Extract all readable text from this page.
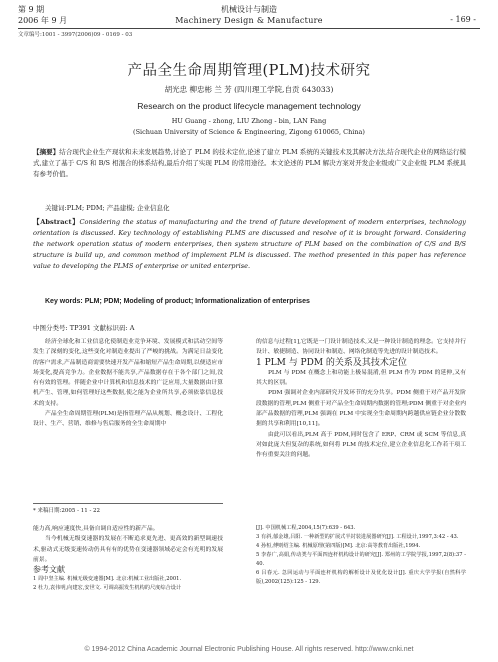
第 9 期
2006 年 9 月
机械设计与制造
Machinery Design & Manufacture	- 169 -
文章编号:1001 - 3997(2006)09 - 0169 - 03
产品全生命周期管理(PLM)技术研究
胡光忠 柳忠彬 兰 芳 (四川理工学院,自贡 643033)
Research on the product lifecycle management technology
HU Guang - zhong, LIU Zhong - bin, LAN Fang
(Sichuan University of Science & Engineering, Zigong 610065, China)
【摘要】结合现代企业生产现状和未来发展趋势,讨论了 PLM 的技术定位,论述了建立 PLM 系统的关键技术及其解决方法,结合现代企业的网络运行模式,建立了基于 C/S 和 B/S 相混合的体系结构,最后介绍了实现 PLM 的常用途径。本文论述的 PLM 解决方案对开发企业级或广义企业级 PLM 系统具有参考价值。
关键词:PLM; PDM; 产品建模; 企业信息化
【Abstract】Considering the status of manufacturing and the trend of future development of modern enterprises, technology orientation is discussed. Key technology of establishing PLMS are discussed and resolve of it is brought forward. Considering the network operation status of modern enterprises, then system structure of PLM based on the combination of C/S and B/S structure is build up, and common method of implement PLM is discussed. The method presented in this paper has reference value to developing the PLMS of enterprise or united enterprise.
Key words: PLM; PDM; Modeling of product; Informationalization of enterprises
中图分类号: TP391 文献标识码: A

经济全球化和工业信息化使制造业竞争环境、发展模式和活动空间等发生了深刻的变化,这些变化对制造业提出了严峻的挑战。为满足日益变化的客户需求,产品制造商需要快速开发产品和缩短产品生命周期,以便适应市场变化,提高竞争力。企业数据不能共享,产品数据存在于各个部门之间,没有有效的管理。伴随企业中计算机和信息技术的广泛应用,大量数据由计算机产生、管理,如何管理好这些数据,使之能为企业所共享,必须依靠信息技术的支持。

产品全生命周期管理(PLM)是指管理产品从规划、概念设计、工程化设计、生产、营销、维修与售后服务的全生命周期中

* 来稿日期:2005 - 11 - 22

的信息与过程[1],它既是一门设计制造技术,又是一种设计制造的理念。它支持并行设计、敏捷制造、协同设计和制造、网络化制造等先进的设计制造技术。

1 PLM 与 PDM 的关系及其技术定位

PLM 与 PDM 在概念上和功能上极易混淆,但 PLM 作为 PDM 的延伸,又有其大的区别。

PDM 强调对企业内部研究开发环节的充分共享。PDM 侧重于对产品开发阶段数据的管理,PLM 侧重于对产品全生命周期内数据的管理;PDM 侧重于对企业内部产品数据的管理,PLM 强调在 PLM 中实现全生命周期内跨越供应链企业分散数据的共享和利用[10,11]。

由此可以看出,PLM 高于 PDM,同时包含了 ERP、CRM 或 SCM 等信息,真对如此庞大但复杂的系统,如何将 PLM 的技术定位,建立企业信息化工作若干项工作有重要关注的问题。

能力高,响应速度快,具备自调自适应性的新产品。

当今机械无级变速器的发展在不断追求更先进、更高效的新型调速技术,驱动式无级变速传动仍具有有的优势在变速器领域必定会有光明的发展前景。

参考文献

1 周中坚主编. 机械无级变速器[M]. 北京:机械工业出版社,2001.

2 杜力,袁伟明,向建宏,安世文. 可调高振发生机构的尺度综合设计

[J]. 中国机械工程,2004,15(7):639 - 643.

3 有斜,郁金雄,吕阳. 一种新型的扩展式半封装进展器研究[J]. 工程设计,1997,3:42 - 43.

4 孙桓,傅则绍主编. 机械原理(第四版)[M]. 北京:高等教育出版社,1994.

5 李春广,高娟,传动类与平面四连杆机构设计的研究[J]. 郑州的工学院学报,1997,2(8):37 - 40.

6 吕春元. 急回运动与平面连杆机构的解析设计及优化设计[J]. 重庆大学学报(自然科学版),2002(125):125 - 129.

© 1994-2012 China Academic Journal Electronic Publishing House. All rights reserved. http://www.cnki.net
